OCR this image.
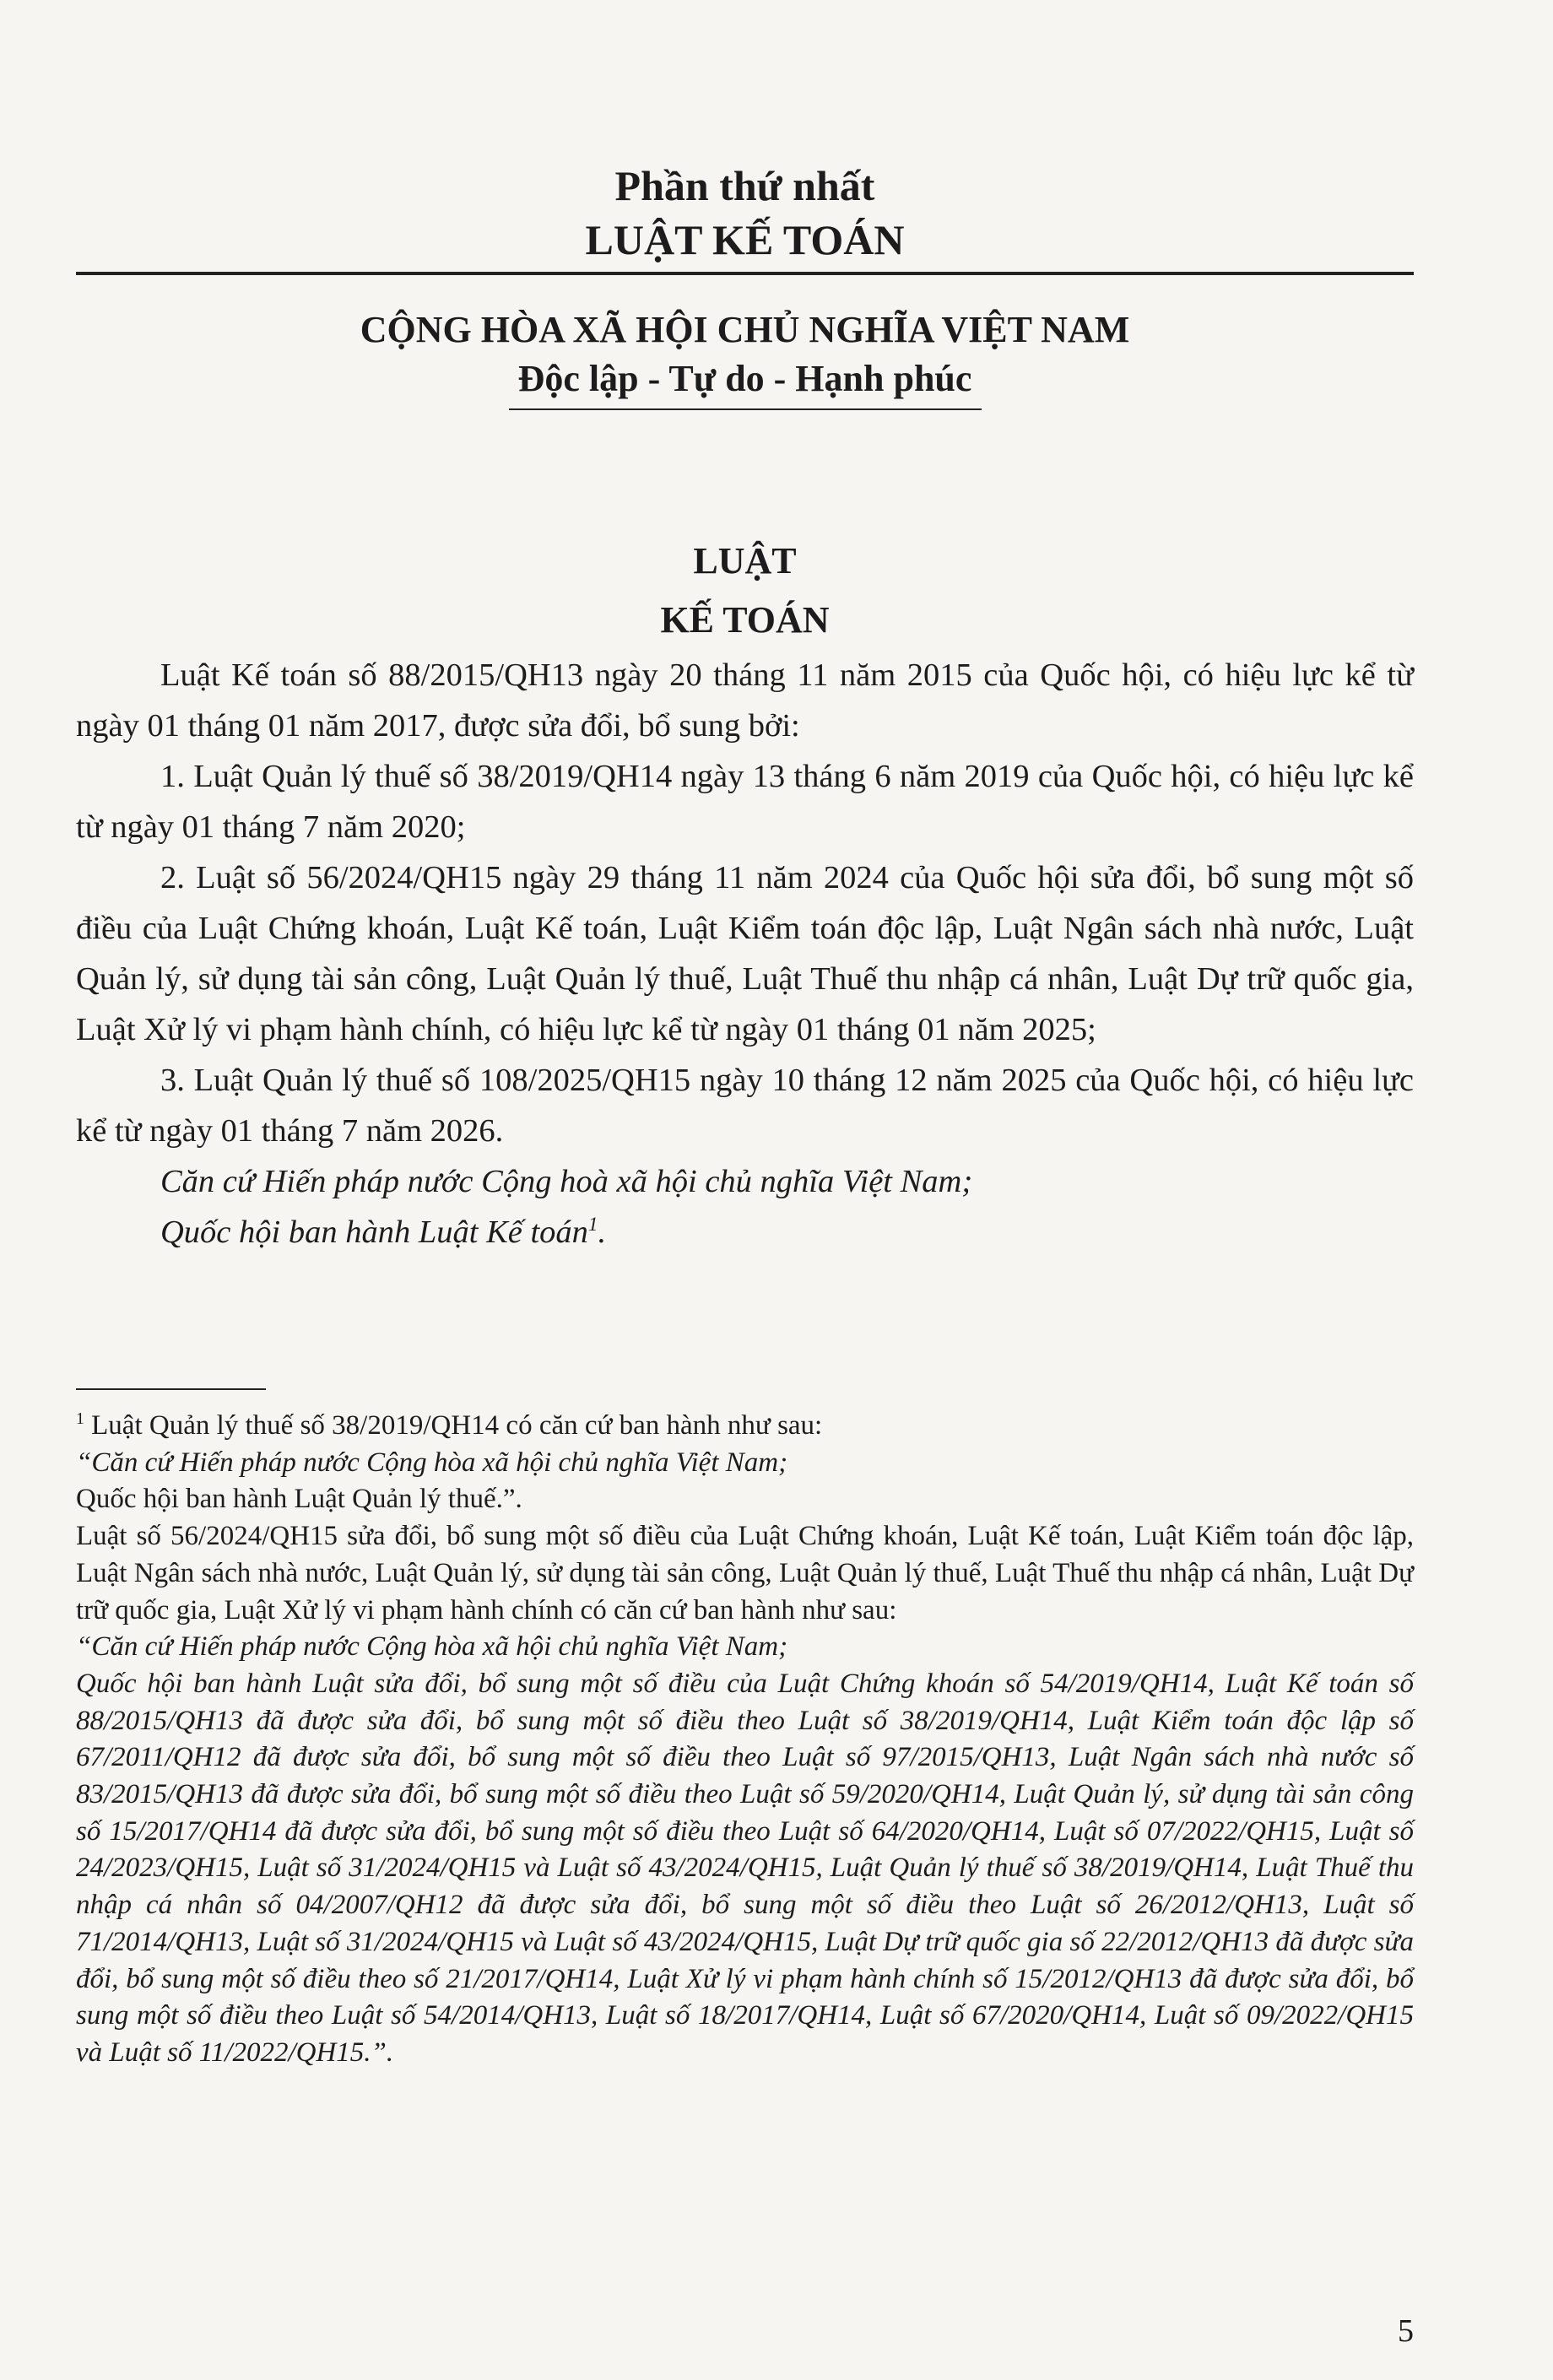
Phần thứ nhất
LUẬT KẾ TOÁN
CỘNG HÒA XÃ HỘI CHỦ NGHĨA VIỆT NAM
Độc lập - Tự do - Hạnh phúc
LUẬT
KẾ TOÁN

Luật Kế toán số 88/2015/QH13 ngày 20 tháng 11 năm 2015 của Quốc hội, có hiệu lực kể từ ngày 01 tháng 01 năm 2017, được sửa đổi, bổ sung bởi:

1. Luật Quản lý thuế số 38/2019/QH14 ngày 13 tháng 6 năm 2019 của Quốc hội, có hiệu lực kể từ ngày 01 tháng 7 năm 2020;

2. Luật số 56/2024/QH15 ngày 29 tháng 11 năm 2024 của Quốc hội sửa đổi, bổ sung một số điều của Luật Chứng khoán, Luật Kế toán, Luật Kiểm toán độc lập, Luật Ngân sách nhà nước, Luật Quản lý, sử dụng tài sản công, Luật Quản lý thuế, Luật Thuế thu nhập cá nhân, Luật Dự trữ quốc gia, Luật Xử lý vi phạm hành chính, có hiệu lực kể từ ngày 01 tháng 01 năm 2025;

3. Luật Quản lý thuế số 108/2025/QH15 ngày 10 tháng 12 năm 2025 của Quốc hội, có hiệu lực kể từ ngày 01 tháng 7 năm 2026.

Căn cứ Hiến pháp nước Cộng hoà xã hội chủ nghĩa Việt Nam;

Quốc hội ban hành Luật Kế toán$^1$.

$^1$ Luật Quản lý thuế số 38/2019/QH14 có căn cứ ban hành như sau:

“Căn cứ Hiến pháp nước Cộng hòa xã hội chủ nghĩa Việt Nam;

Quốc hội ban hành Luật Quản lý thuế.”.

Luật số 56/2024/QH15 sửa đổi, bổ sung một số điều của Luật Chứng khoán, Luật Kế toán, Luật Kiểm toán độc lập, Luật Ngân sách nhà nước, Luật Quản lý, sử dụng tài sản công, Luật Quản lý thuế, Luật Thuế thu nhập cá nhân, Luật Dự trữ quốc gia, Luật Xử lý vi phạm hành chính có căn cứ ban hành như sau:

“Căn cứ Hiến pháp nước Cộng hòa xã hội chủ nghĩa Việt Nam;

Quốc hội ban hành Luật sửa đổi, bổ sung một số điều của Luật Chứng khoán số 54/2019/QH14, Luật Kế toán số 88/2015/QH13 đã được sửa đổi, bổ sung một số điều theo Luật số 38/2019/QH14, Luật Kiểm toán độc lập số 67/2011/QH12 đã được sửa đổi, bổ sung một số điều theo Luật số 97/2015/QH13, Luật Ngân sách nhà nước số 83/2015/QH13 đã được sửa đổi, bổ sung một số điều theo Luật số 59/2020/QH14, Luật Quản lý, sử dụng tài sản công số 15/2017/QH14 đã được sửa đổi, bổ sung một số điều theo Luật số 64/2020/QH14, Luật số 07/2022/QH15, Luật số 24/2023/QH15, Luật số 31/2024/QH15 và Luật số 43/2024/QH15, Luật Quản lý thuế số 38/2019/QH14, Luật Thuế thu nhập cá nhân số 04/2007/QH12 đã được sửa đổi, bổ sung một số điều theo Luật số 26/2012/QH13, Luật số 71/2014/QH13, Luật số 31/2024/QH15 và Luật số 43/2024/QH15, Luật Dự trữ quốc gia số 22/2012/QH13 đã được sửa đổi, bổ sung một số điều theo số 21/2017/QH14, Luật Xử lý vi phạm hành chính số 15/2012/QH13 đã được sửa đổi, bổ sung một số điều theo Luật số 54/2014/QH13, Luật số 18/2017/QH14, Luật số 67/2020/QH14, Luật số 09/2022/QH15 và Luật số 11/2022/QH15.”.

5
